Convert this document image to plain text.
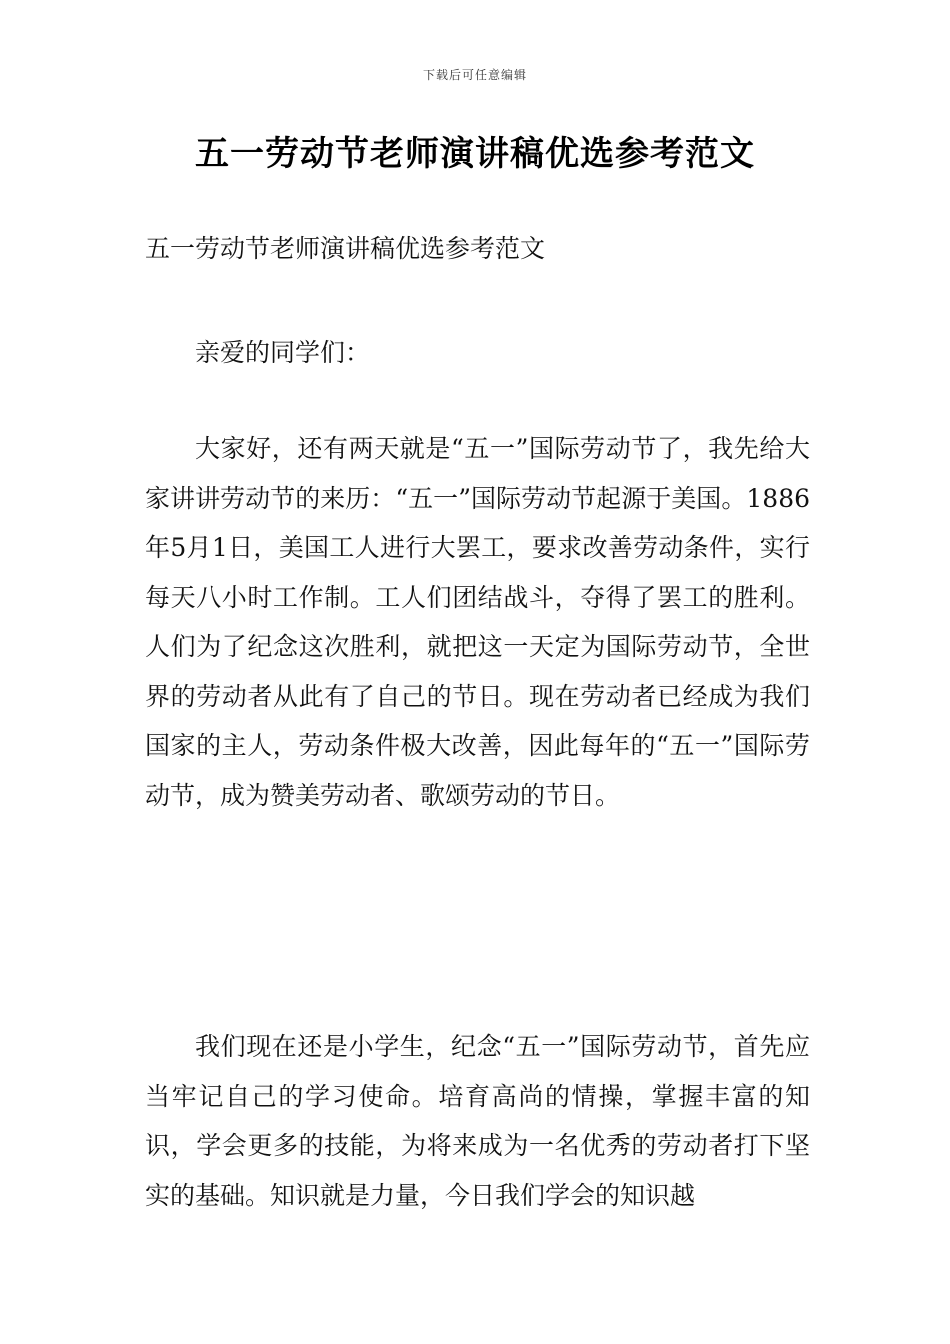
下载后可任意编辑
五一劳动节老师演讲稿优选参考范文

五一劳动节老师演讲稿优选参考范文

亲爱的同学们：

大家好，还有两天就是“五一”国际劳动节了，我先给大家讲讲劳动节的来历：“五一”国际劳动节起源于美国。1886年5月1日，美国工人进行大罢工，要求改善劳动条件，实行每天八小时工作制。工人们团结战斗，夺得了罢工的胜利。人们为了纪念这次胜利，就把这一天定为国际劳动节，全世界的劳动者从此有了自己的节日。现在劳动者已经成为我们国家的主人，劳动条件极大改善，因此每年的“五一”国际劳动节，成为赞美劳动者、歌颂劳动的节日。

我们现在还是小学生，纪念“五一”国际劳动节，首先应当牢记自己的学习使命。培育高尚的情操，掌握丰富的知识，学会更多的技能，为将来成为一名优秀的劳动者打下坚实的基础。知识就是力量，今日我们学会的知识越
